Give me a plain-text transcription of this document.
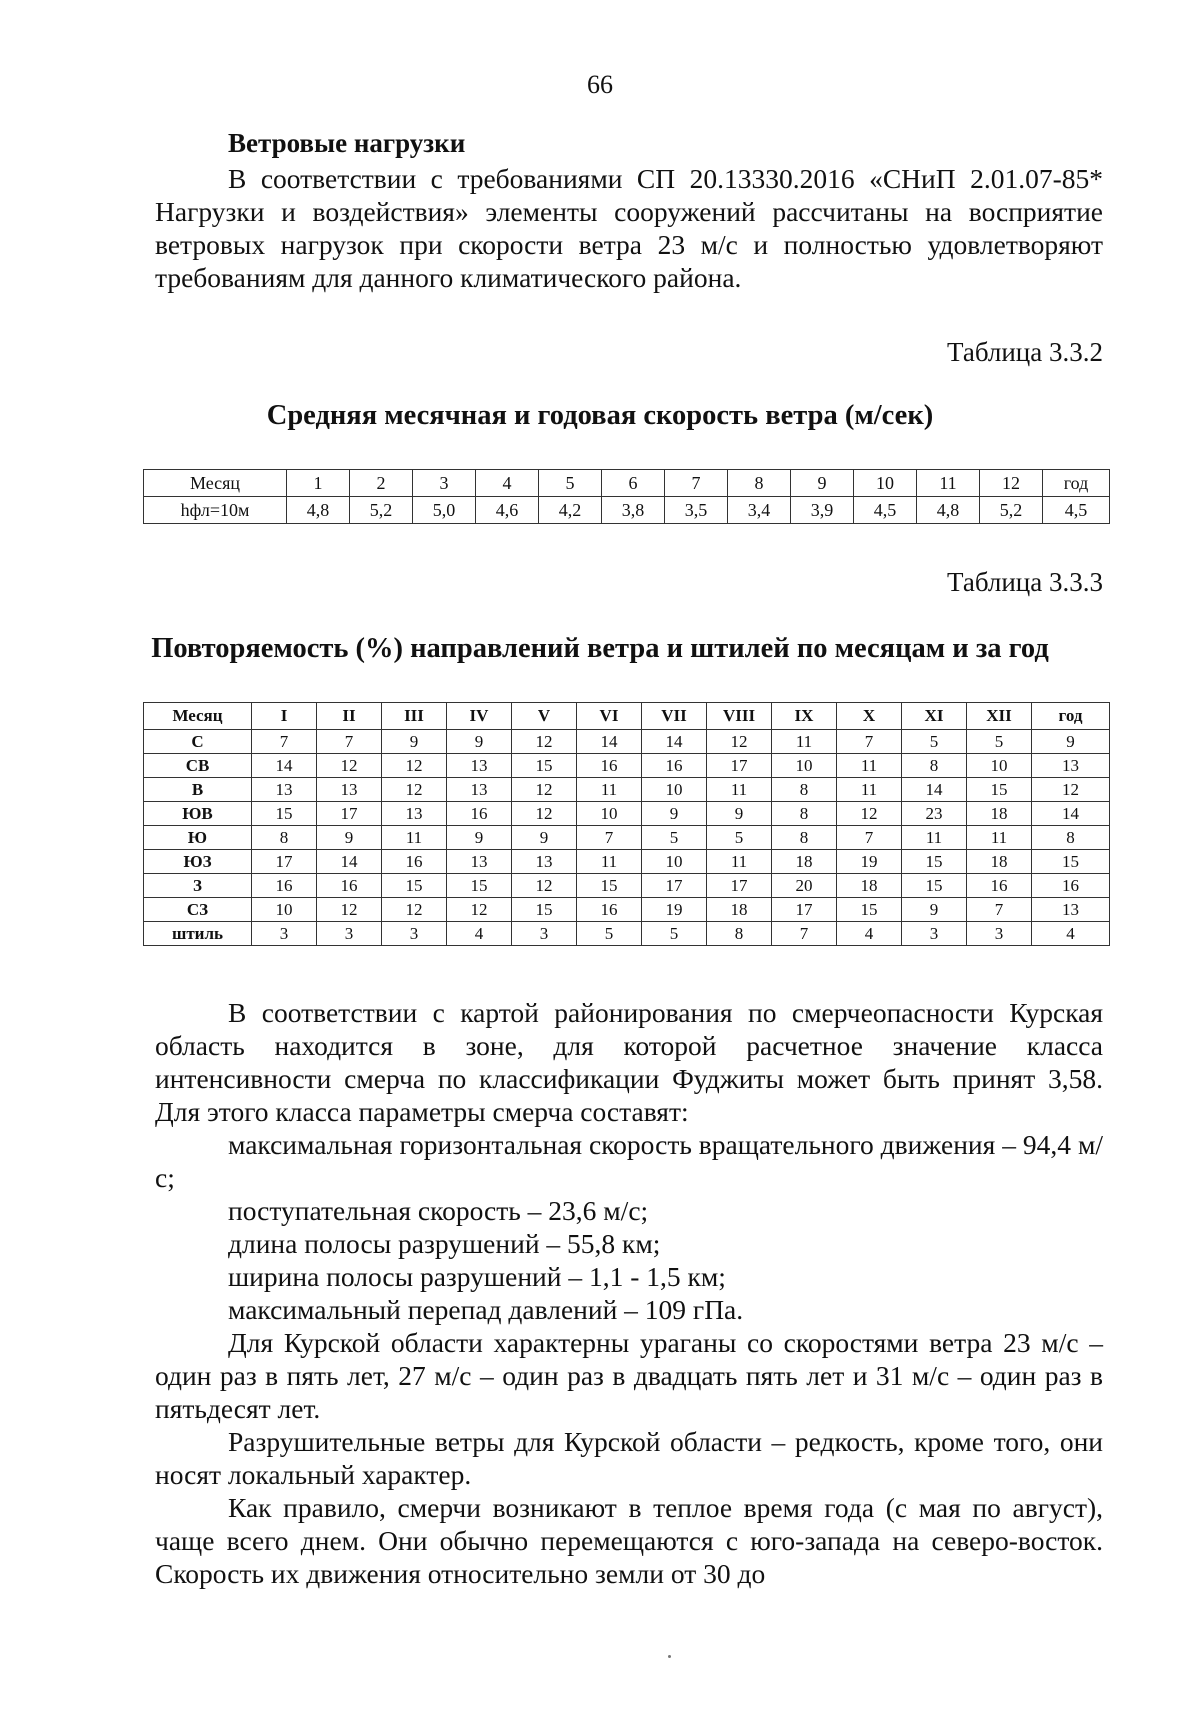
66
Ветровые нагрузки
В соответствии с требованиями СП 20.13330.2016 «СНиП 2.01.07-85* Нагрузки и воздействия» элементы сооружений рассчитаны на восприятие ветровых нагрузок при скорости ветра 23 м/с и полностью удовлетворяют требованиям для данного климатического района.
Таблица 3.3.2
Средняя месячная и годовая скорость ветра (м/сек)
Месяц	1	2	3	4	5	6	7	8	9	10	11	12	год
hфл=10м	4,8	5,2	5,0	4,6	4,2	3,8	3,5	3,4	3,9	4,5	4,8	5,2	4,5
Таблица 3.3.3
Повторяемость (%) направлений ветра и штилей по месяцам и за год
Месяц	I	II	III	IV	V	VI	VII	VIII	IX	X	XI	XII	год
С	7	7	9	9	12	14	14	12	11	7	5	5	9
СВ	14	12	12	13	15	16	16	17	10	11	8	10	13
В	13	13	12	13	12	11	10	11	8	11	14	15	12
ЮВ	15	17	13	16	12	10	9	9	8	12	23	18	14
Ю	8	9	11	9	9	7	5	5	8	7	11	11	8
ЮЗ	17	14	16	13	13	11	10	11	18	19	15	18	15
З	16	16	15	15	12	15	17	17	20	18	15	16	16
СЗ	10	12	12	12	15	16	19	18	17	15	9	7	13
штиль	3	3	3	4	3	5	5	8	7	4	3	3	4
В соответствии с картой районирования по смерчеопасности Курская область находится в зоне, для которой расчетное значение класса интенсивности смерча по классификации Фуджиты может быть принят 3,58. Для этого класса параметры смерча составят:
максимальная горизонтальная скорость вращательного движения – 94,4 м/с;
поступательная скорость – 23,6 м/с;
длина полосы разрушений – 55,8 км;
ширина полосы разрушений – 1,1 - 1,5 км;
максимальный перепад давлений – 109 гПа.
Для Курской области характерны ураганы со скоростями ветра 23 м/с – один раз в пять лет, 27 м/с – один раз в двадцать пять лет и 31 м/с – один раз в пятьдесят лет.
Разрушительные ветры для Курской области – редкость, кроме того, они носят локальный характер.
Как правило, смерчи возникают в теплое время года (с мая по август), чаще всего днем. Они обычно перемещаются с юго-запада на северо-восток. Скорость их движения относительно земли от 30 до
